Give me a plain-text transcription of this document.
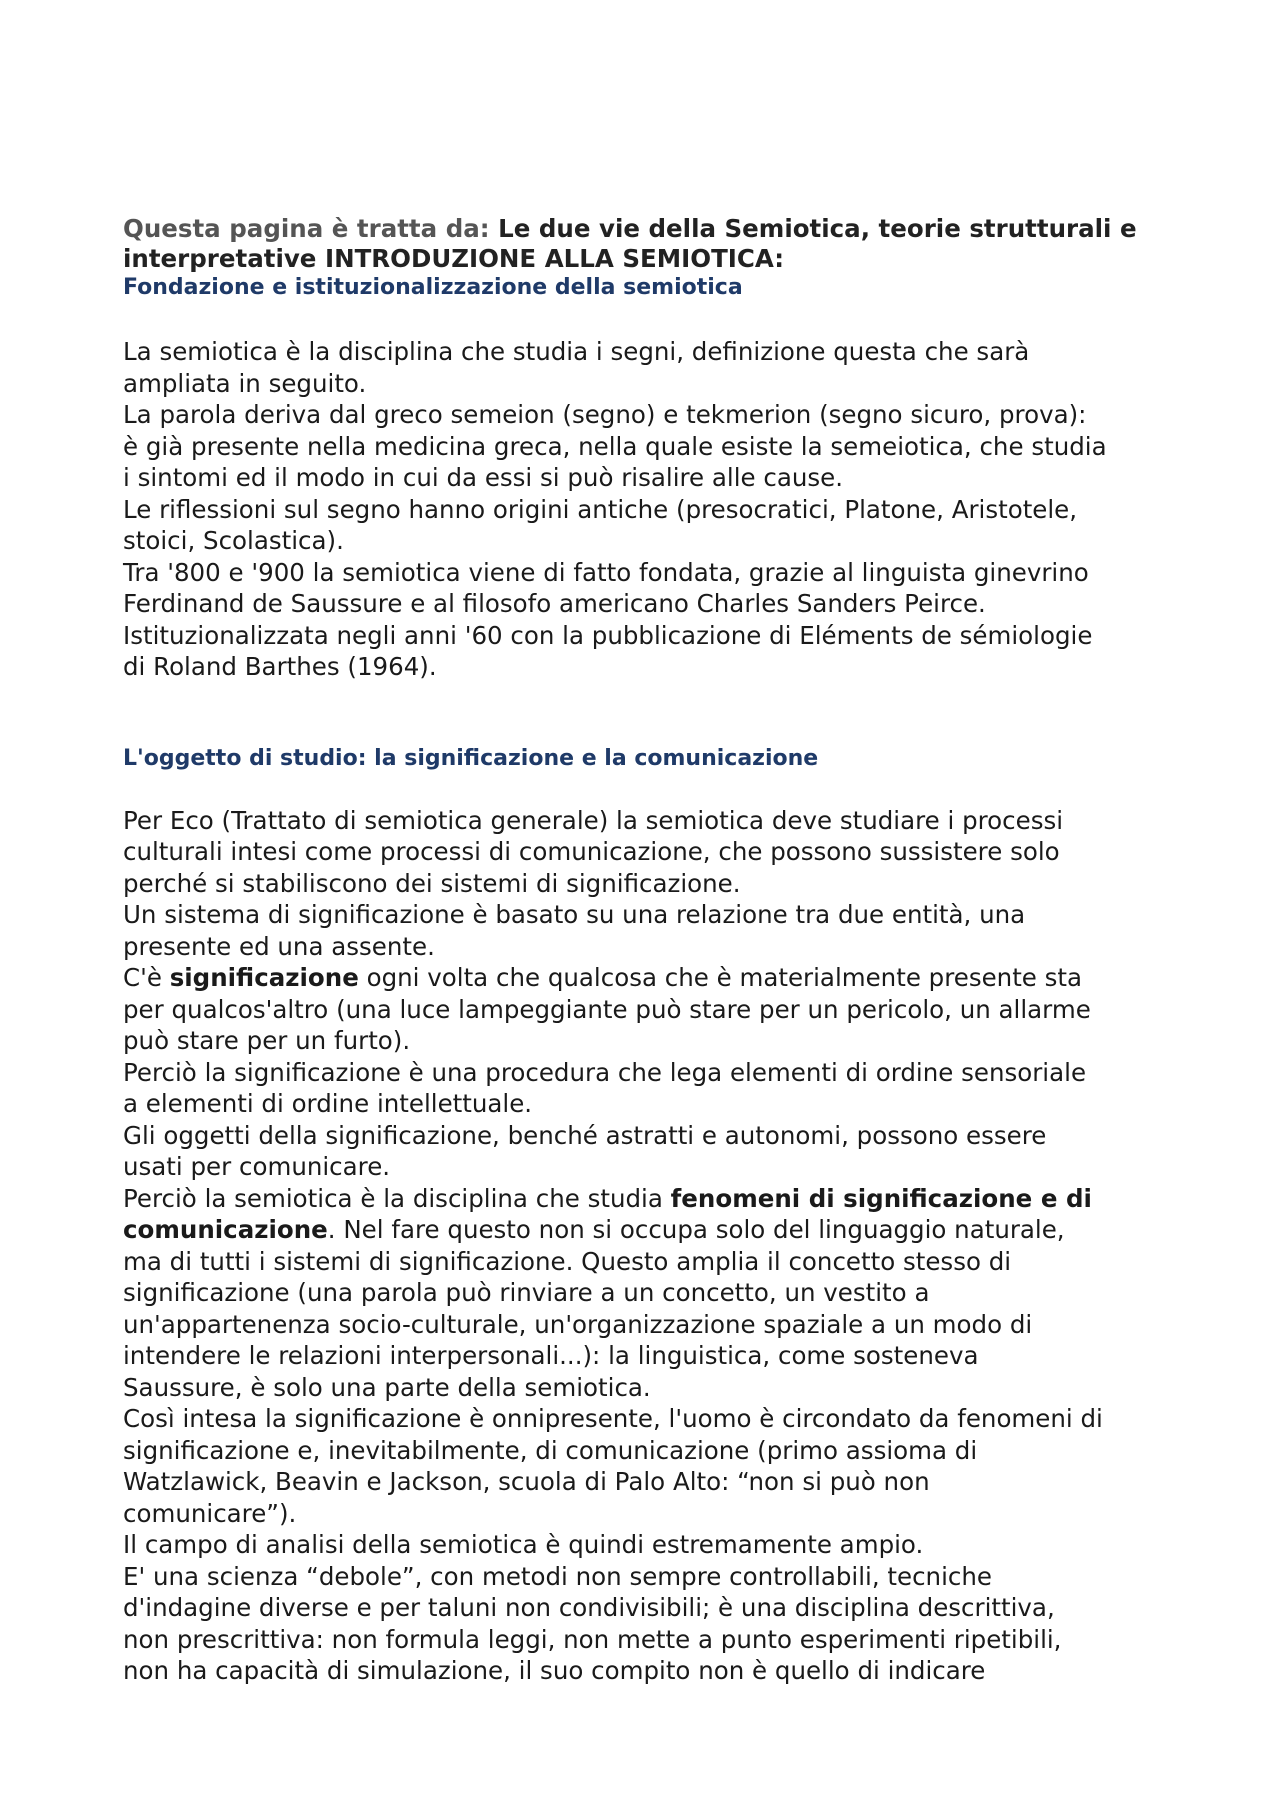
Questa pagina è tratta da: Le due vie della Semiotica, teorie strutturali e interpretative INTRODUZIONE ALLA SEMIOTICA:

Fondazione e istituzionalizzazione della semiotica

La semiotica è la disciplina che studia i segni, definizione questa che sarà

ampliata in seguito.

La parola deriva dal greco semeion (segno) e tekmerion (segno sicuro, prova):

è già presente nella medicina greca, nella quale esiste la semeiotica, che studia

i sintomi ed il modo in cui da essi si può risalire alle cause.

Le riflessioni sul segno hanno origini antiche (presocratici, Platone, Aristotele,

stoici, Scolastica).

Tra '800 e '900 la semiotica viene di fatto fondata, grazie al linguista ginevrino

Ferdinand de Saussure e al filosofo americano Charles Sanders Peirce.

Istituzionalizzata negli anni '60 con la pubblicazione di Eléments de sémiologie

di Roland Barthes (1964).

L'oggetto di studio: la significazione e la comunicazione

Per Eco (Trattato di semiotica generale) la semiotica deve studiare i processi

culturali intesi come processi di comunicazione, che possono sussistere solo

perché si stabiliscono dei sistemi di significazione.

Un sistema di significazione è basato su una relazione tra due entità, una

presente ed una assente.

C'è significazione ogni volta che qualcosa che è materialmente presente sta

per qualcos'altro (una luce lampeggiante può stare per un pericolo, un allarme

può stare per un furto).

Perciò la significazione è una procedura che lega elementi di ordine sensoriale

a elementi di ordine intellettuale.

Gli oggetti della significazione, benché astratti e autonomi, possono essere

usati per comunicare.

Perciò la semiotica è la disciplina che studia fenomeni di significazione e di

comunicazione. Nel fare questo non si occupa solo del linguaggio naturale,

ma di tutti i sistemi di significazione. Questo amplia il concetto stesso di

significazione (una parola può rinviare a un concetto, un vestito a

un'appartenenza socio-culturale, un'organizzazione spaziale a un modo di

intendere le relazioni interpersonali...): la linguistica, come sosteneva

Saussure, è solo una parte della semiotica.

Così intesa la significazione è onnipresente, l'uomo è circondato da fenomeni di

significazione e, inevitabilmente, di comunicazione (primo assioma di

Watzlawick, Beavin e Jackson, scuola di Palo Alto: “non si può non

comunicare”).

Il campo di analisi della semiotica è quindi estremamente ampio.

E' una scienza “debole”, con metodi non sempre controllabili, tecniche

d'indagine diverse e per taluni non condivisibili; è una disciplina descrittiva,

non prescrittiva: non formula leggi, non mette a punto esperimenti ripetibili,

non ha capacità di simulazione, il suo compito non è quello di indicare
